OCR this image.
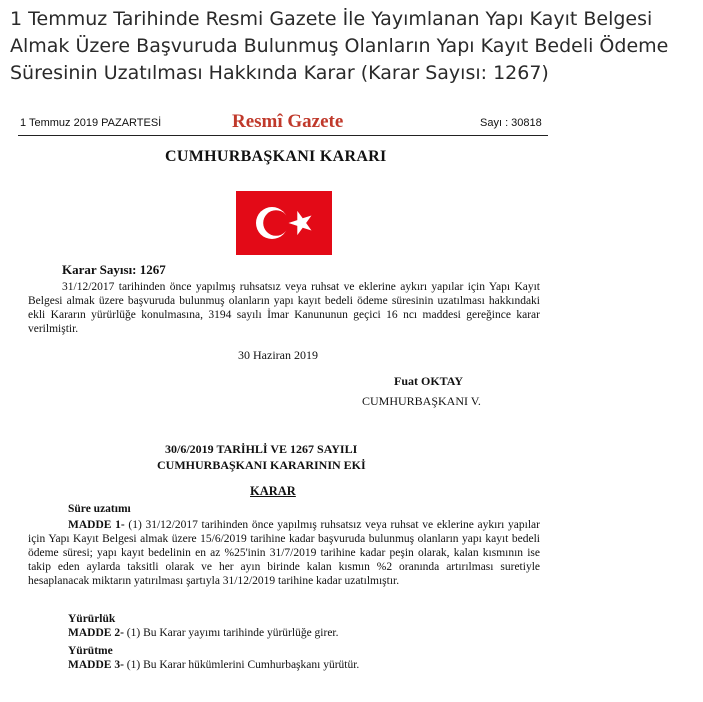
1 Temmuz Tarihinde Resmi Gazete İle Yayımlanan Yapı Kayıt Belgesi Almak Üzere Başvuruda Bulunmuş Olanların Yapı Kayıt Bedeli Ödeme Süresinin Uzatılması Hakkında Karar (Karar Sayısı: 1267)
1 Temmuz 2019 PAZARTESİ	Resmî Gazete	Sayı : 30818
CUMHURBAŞKANI KARARI
Karar Sayısı: 1267
31/12/2017 tarihinden önce yapılmış ruhsatsız veya ruhsat ve eklerine aykırı yapılar için Yapı Kayıt Belgesi almak üzere başvuruda bulunmuş olanların yapı kayıt bedeli ödeme süresinin uzatılması hakkındaki ekli Kararın yürürlüğe konulmasına, 3194 sayılı İmar Kanununun geçici 16 ncı maddesi gereğince karar verilmiştir.
30 Haziran 2019
Fuat OKTAY
CUMHURBAŞKANI V.
30/6/2019 TARİHLİ VE 1267 SAYILI
CUMHURBAŞKANI KARARININ EKİ
KARAR
Süre uzatımı
MADDE 1- (1) 31/12/2017 tarihinden önce yapılmış ruhsatsız veya ruhsat ve eklerine aykırı yapılar için Yapı Kayıt Belgesi almak üzere 15/6/2019 tarihine kadar başvuruda bulunmuş olanların yapı kayıt bedeli ödeme süresi; yapı kayıt bedelinin en az %25'inin 31/7/2019 tarihine kadar peşin olarak, kalan kısmının ise takip eden aylarda taksitli olarak ve her ayın birinde kalan kısmın %2 oranında artırılması suretiyle hesaplanacak miktarın yatırılması şartıyla 31/12/2019 tarihine kadar uzatılmıştır.
Yürürlük
MADDE 2- (1) Bu Karar yayımı tarihinde yürürlüğe girer.
Yürütme
MADDE 3- (1) Bu Karar hükümlerini Cumhurbaşkanı yürütür.
